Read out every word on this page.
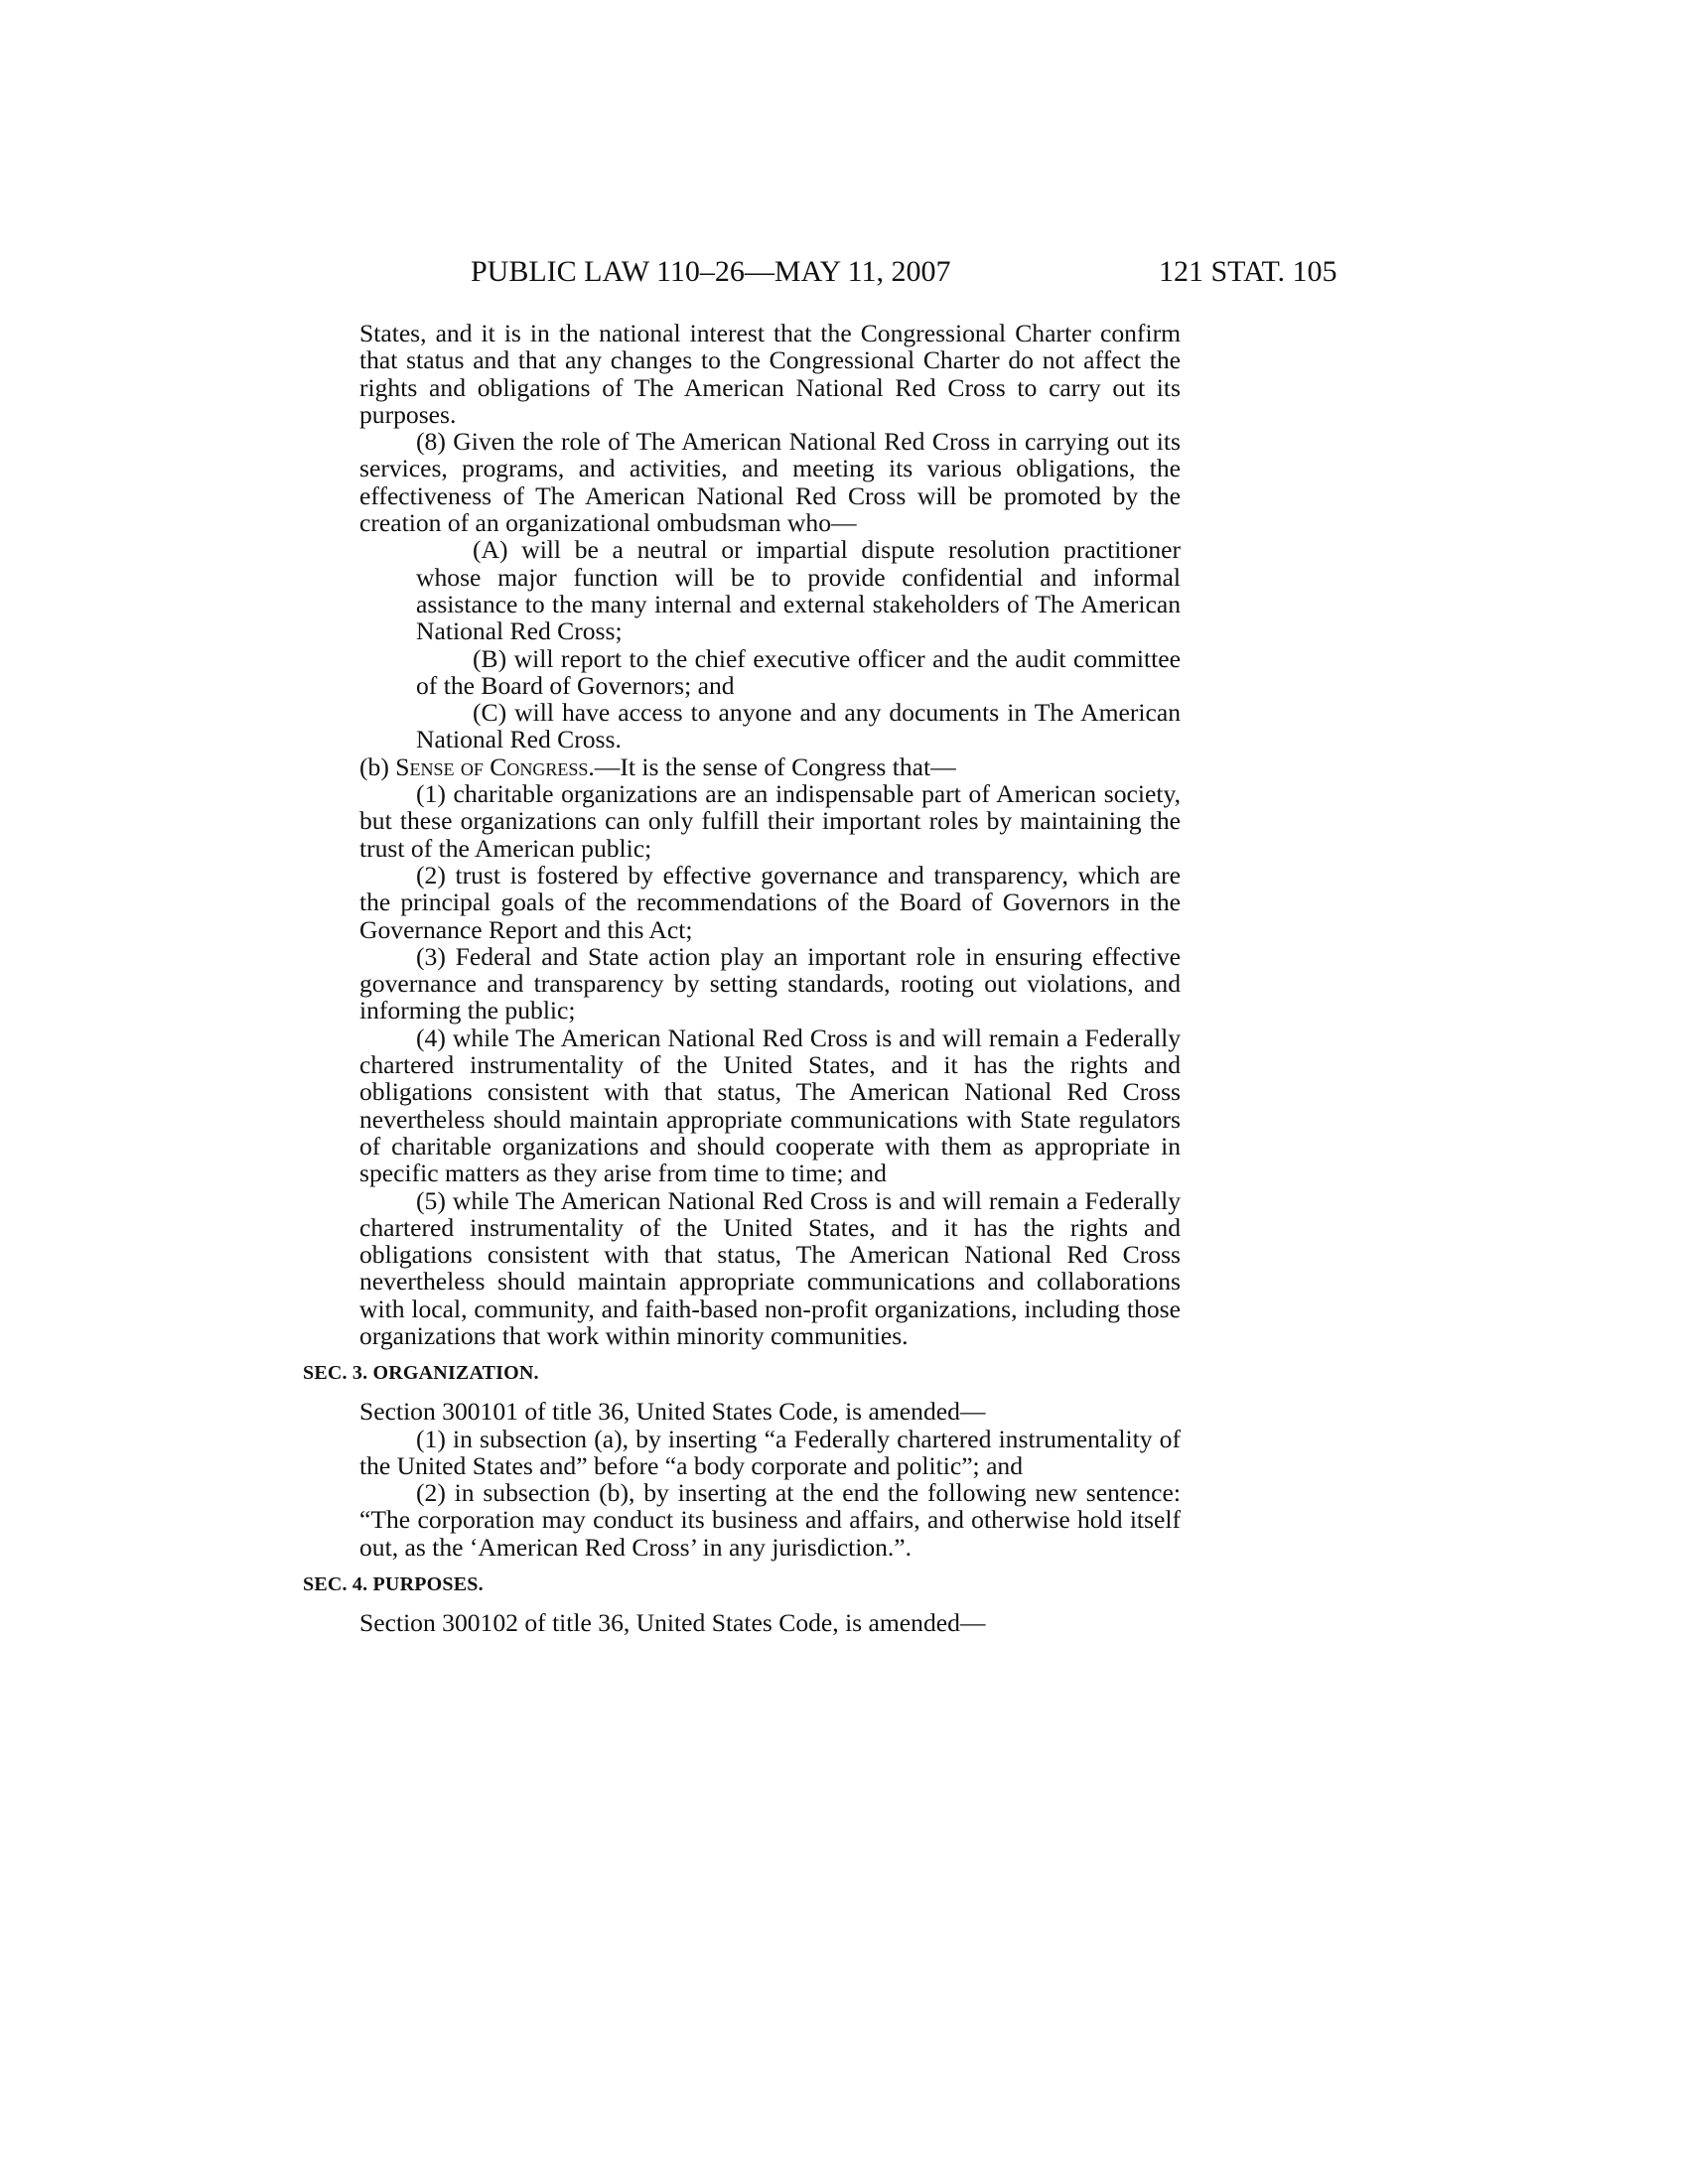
PUBLIC LAW 110–26—MAY 11, 2007	121 STAT. 105

States, and it is in the national interest that the Congressional Charter confirm that status and that any changes to the Congressional Charter do not affect the rights and obligations of The American National Red Cross to carry out its purposes.

(8) Given the role of The American National Red Cross in carrying out its services, programs, and activities, and meeting its various obligations, the effectiveness of The American National Red Cross will be promoted by the creation of an organizational ombudsman who—

(A) will be a neutral or impartial dispute resolution practitioner whose major function will be to provide confidential and informal assistance to the many internal and external stakeholders of The American National Red Cross;

(B) will report to the chief executive officer and the audit committee of the Board of Governors; and

(C) will have access to anyone and any documents in The American National Red Cross.

(b) Sense of Congress.—It is the sense of Congress that—

(1) charitable organizations are an indispensable part of American society, but these organizations can only fulfill their important roles by maintaining the trust of the American public;

(2) trust is fostered by effective governance and transparency, which are the principal goals of the recommendations of the Board of Governors in the Governance Report and this Act;

(3) Federal and State action play an important role in ensuring effective governance and transparency by setting standards, rooting out violations, and informing the public;

(4) while The American National Red Cross is and will remain a Federally chartered instrumentality of the United States, and it has the rights and obligations consistent with that status, The American National Red Cross nevertheless should maintain appropriate communications with State regulators of charitable organizations and should cooperate with them as appropriate in specific matters as they arise from time to time; and

(5) while The American National Red Cross is and will remain a Federally chartered instrumentality of the United States, and it has the rights and obligations consistent with that status, The American National Red Cross nevertheless should maintain appropriate communications and collaborations with local, community, and faith-based non-profit organizations, including those organizations that work within minority communities.

SEC. 3. ORGANIZATION.

Section 300101 of title 36, United States Code, is amended—

(1) in subsection (a), by inserting “a Federally chartered instrumentality of the United States and” before “a body corporate and politic”; and

(2) in subsection (b), by inserting at the end the following new sentence: “The corporation may conduct its business and affairs, and otherwise hold itself out, as the ‘American Red Cross’ in any jurisdiction.”.

SEC. 4. PURPOSES.

Section 300102 of title 36, United States Code, is amended—
